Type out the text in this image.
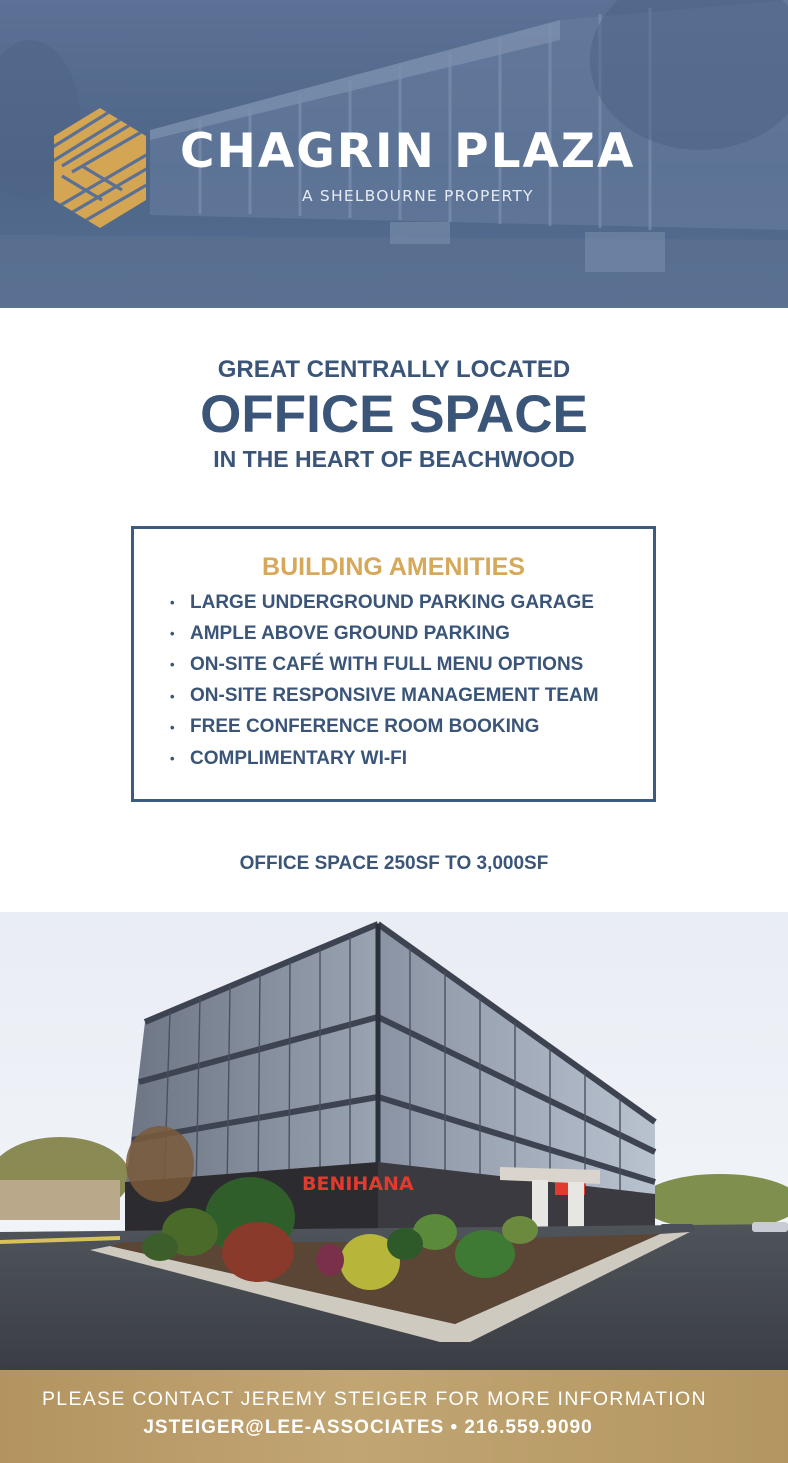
CHAGRIN PLAZA
A SHELBOURNE PROPERTY
GREAT CENTRALLY LOCATED
OFFICE SPACE
IN THE HEART OF BEACHWOOD
BUILDING AMENITIES
• LARGE UNDERGROUND PARKING GARAGE
• AMPLE ABOVE GROUND PARKING
• ON-SITE CAFÉ WITH FULL MENU OPTIONS
• ON-SITE RESPONSIVE MANAGEMENT TEAM
• FREE CONFERENCE ROOM BOOKING
• COMPLIMENTARY WI-FI
OFFICE SPACE 250SF TO 3,000SF
BENIHANA
PLEASE CONTACT JEREMY STEIGER FOR MORE INFORMATION
JSTEIGER@LEE-ASSOCIATES • 216.559.9090
